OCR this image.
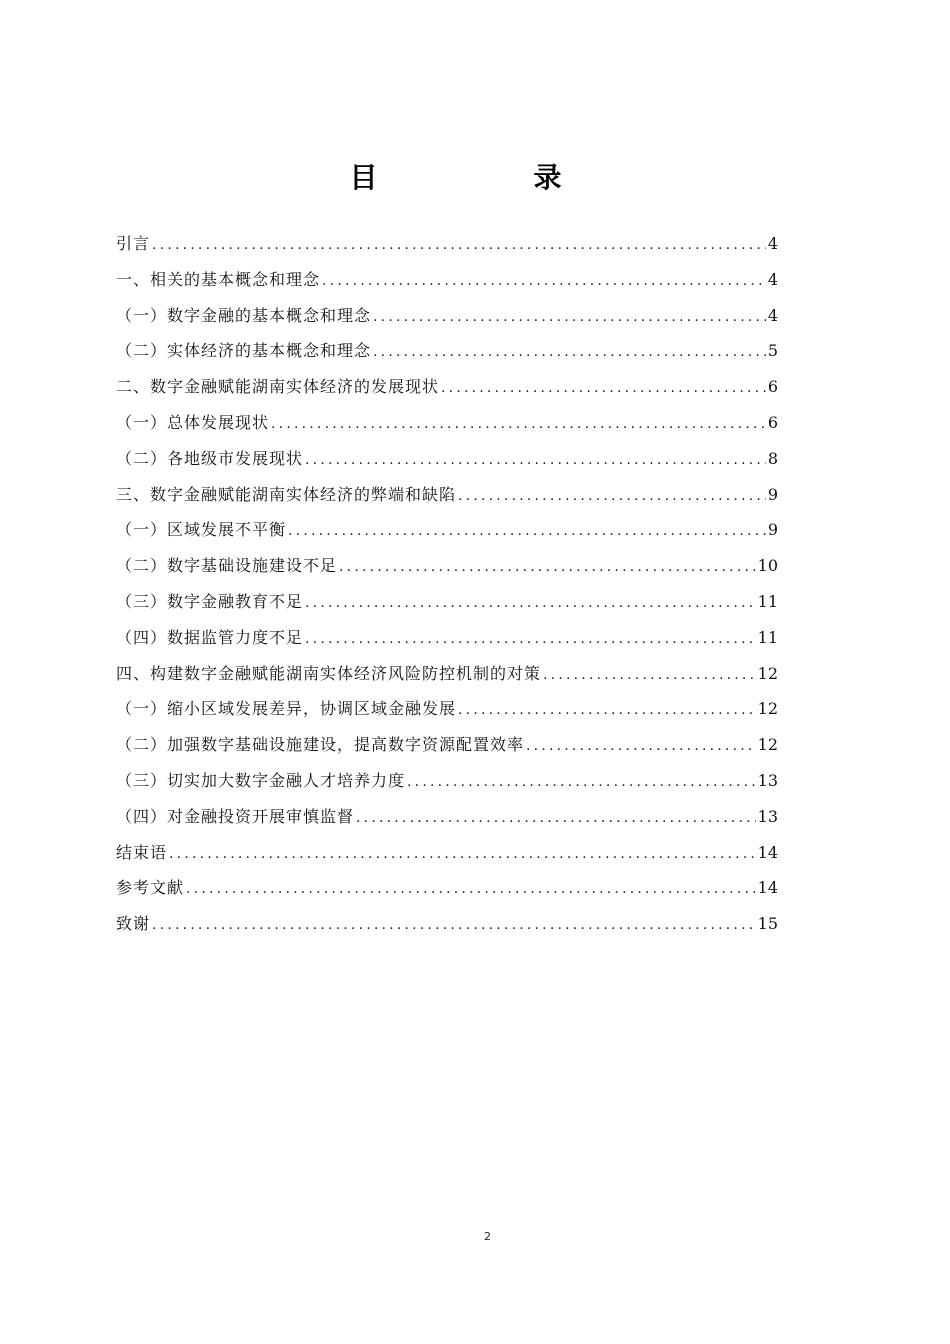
目　录
引言 .....	4
一、相关的基本概念和理念 .....	4
（一）数字金融的基本概念和理念 .....	4
（二）实体经济的基本概念和理念 .....	5
二、数字金融赋能湖南实体经济的发展现状 .....	6
（一）总体发展现状 .....	6
（二）各地级市发展现状 .....	8
三、数字金融赋能湖南实体经济的弊端和缺陷 .....	9
（一）区域发展不平衡 .....	9
（二）数字基础设施建设不足 .....	10
（三）数字金融教育不足 .....	11
（四）数据监管力度不足 .....	11
四、构建数字金融赋能湖南实体经济风险防控机制的对策 .....	12
（一）缩小区域发展差异，协调区域金融发展 .....	12
（二）加强数字基础设施建设，提高数字资源配置效率 .....	12
（三）切实加大数字金融人才培养力度 .....	13
（四）对金融投资开展审慎监督 .....	13
结束语 .....	14
参考文献 .....	14
致谢 .....	15
2
